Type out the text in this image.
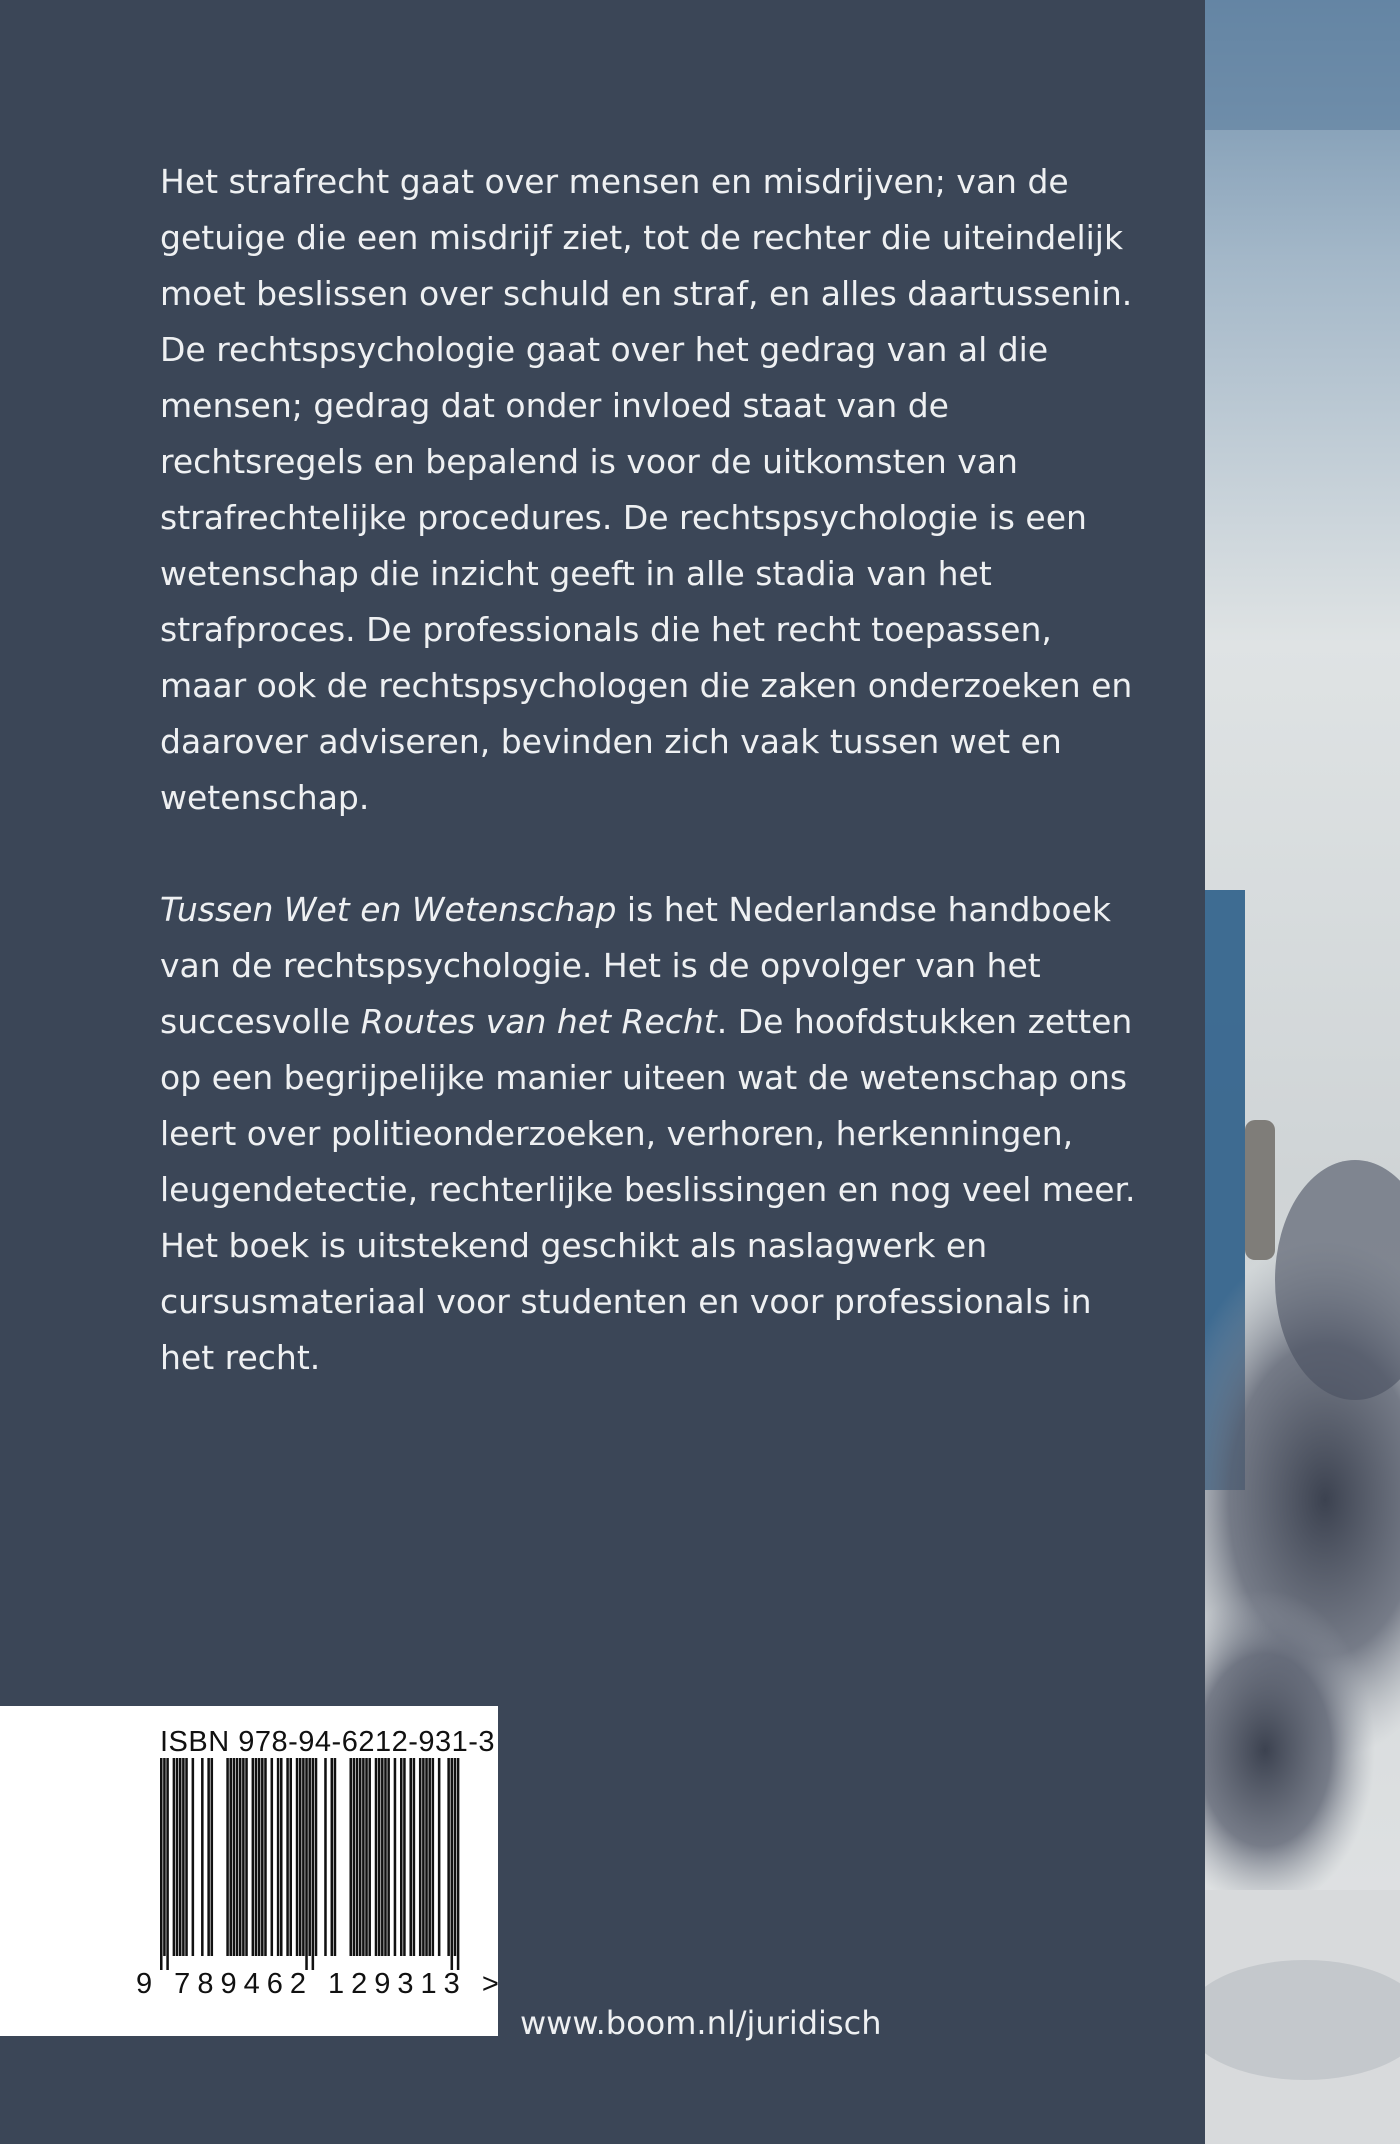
Het strafrecht gaat over mensen en misdrijven; van de getuige die een misdrijf ziet, tot de rechter die uiteindelijk moet beslissen over schuld en straf, en alles daartussenin. De rechtspsychologie gaat over het gedrag van al die mensen; gedrag dat onder invloed staat van de rechtsregels en bepalend is voor de uitkomsten van strafrechtelijke procedures. De rechtspsychologie is een wetenschap die inzicht geeft in alle stadia van het strafproces. De professionals die het recht toepassen, maar ook de rechtspsychologen die zaken onderzoeken en daarover adviseren, bevinden zich vaak tussen wet en wetenschap.

Tussen Wet en Wetenschap is het Nederlandse handboek van de rechtspsychologie. Het is de opvolger van het succesvolle Routes van het Recht. De hoofdstukken zetten op een begrijpelijke manier uiteen wat de wetenschap ons leert over politieonderzoeken, verhoren, herkenningen, leugendetectie, rechterlijke beslissingen en nog veel meer. Het boek is uitstekend geschikt als naslagwerk en cursusmateriaal voor studenten en voor professionals in het recht.

ISBN 978-94-6212-931-3
9 789462 129313 >
www.boom.nl/juridisch
